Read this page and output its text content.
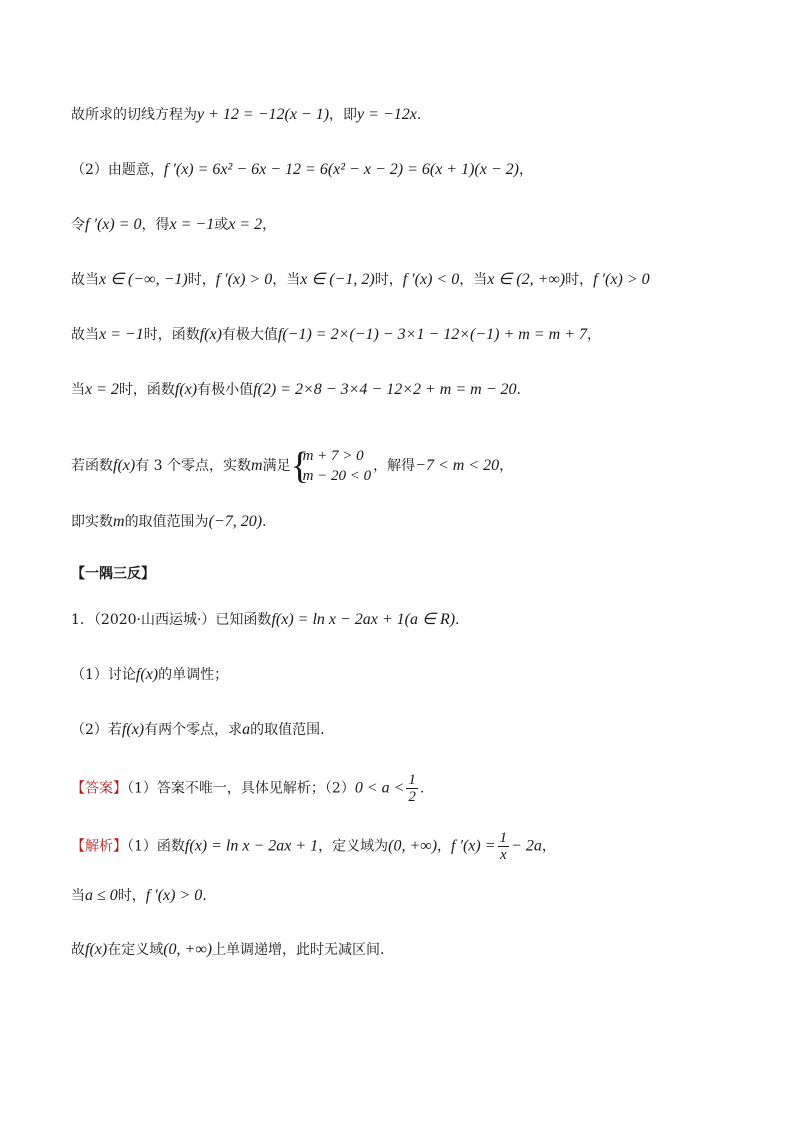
故所求的切线方程为y + 12 = −12(x − 1)，即y = −12x.
（2）由题意，f ′(x) = 6x² − 6x − 12 = 6(x² − x − 2) = 6(x + 1)(x − 2)，
令f ′(x) = 0，得x = −1或x = 2，
故当x ∈ (−∞, −1)时，f ′(x) > 0，当x ∈ (−1, 2)时，f ′(x) < 0，当x ∈ (2, +∞)时，f ′(x) > 0
故当x = −1时，函数f(x)有极大值f(−1) = 2×(−1) − 3×1 − 12×(−1) + m = m + 7，
当x = 2时，函数f(x)有极小值f(2) = 2×8 − 3×4 − 12×2 + m = m − 20.
若函数f(x)有 3 个零点，实数m满足 {
m + 7 > 0
m − 20 < 0
，解得−7 < m < 20，
即实数m的取值范围为(−7, 20).
【一隅三反】
1．（2020·山西运城·）已知函数f(x) = ln x − 2ax + 1(a ∈ R).
（1）讨论f(x)的单调性；
（2）若f(x)有两个零点，求a的取值范围.
【答案】（1）答案不唯一，具体见解析；$(2)0 < a < \frac{1}{2}$ .
【解析】（1）函数f(x) = ln x − 2ax + 1，定义域为(0, +∞)，f $'(x) = \frac{1}{x} - 2a$，
当a ≤ 0时，f ′(x) > 0.
故f(x)在定义域(0, +∞)上单调递增，此时无减区间.
